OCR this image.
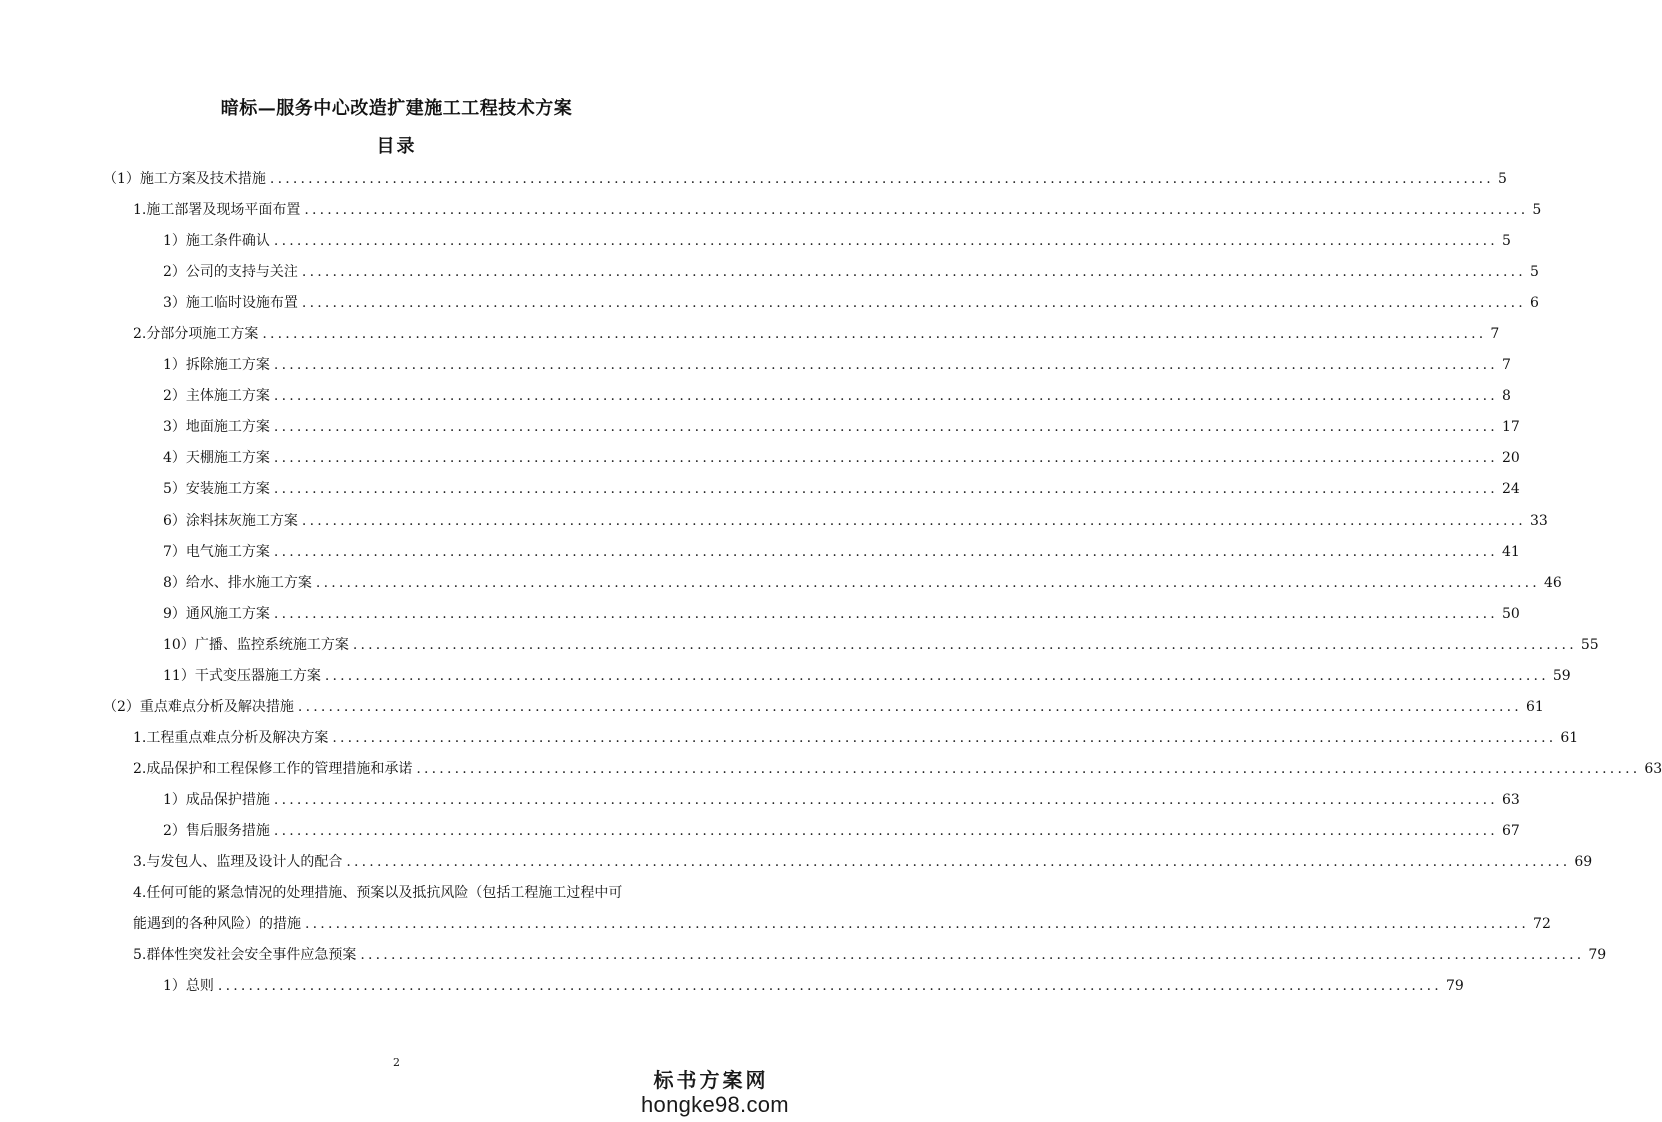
暗标—服务中心改造扩建施工工程技术方案
目录
（1）施工方案及技术措施 ................................................................................................................................................................ 5
1.施工部署及现场平面布置 ................................................................................................................................................................ 5
1）施工条件确认 ................................................................................................................................................................ 5
2）公司的支持与关注 ................................................................................................................................................................ 5
3）施工临时设施布置 ................................................................................................................................................................ 6
2.分部分项施工方案 ................................................................................................................................................................ 7
1）拆除施工方案 ................................................................................................................................................................ 7
2）主体施工方案 ................................................................................................................................................................ 8
3）地面施工方案 ................................................................................................................................................................ 17
4）天棚施工方案 ................................................................................................................................................................ 20
5）安装施工方案 ................................................................................................................................................................ 24
6）涂料抹灰施工方案 ................................................................................................................................................................ 33
7）电气施工方案 ................................................................................................................................................................ 41
8）给水、排水施工方案 ................................................................................................................................................................ 46
9）通风施工方案 ................................................................................................................................................................ 50
10）广播、监控系统施工方案 ................................................................................................................................................................ 55
11）干式变压器施工方案 ................................................................................................................................................................ 59
（2）重点难点分析及解决措施 ................................................................................................................................................................ 61
1.工程重点难点分析及解决方案 ................................................................................................................................................................ 61
2.成品保护和工程保修工作的管理措施和承诺 ................................................................................................................................................................ 63
1）成品保护措施 ................................................................................................................................................................ 63
2）售后服务措施 ................................................................................................................................................................ 67
3.与发包人、监理及设计人的配合 ................................................................................................................................................................ 69
4.任何可能的紧急情况的处理措施、预案以及抵抗风险（包括工程施工过程中可
能遇到的各种风险）的措施 ................................................................................................................................................................ 72
5.群体性突发社会安全事件应急预案 ................................................................................................................................................................ 79
1）总则 ................................................................................................................................................................ 79
2
标书方案网
hongke98.com
